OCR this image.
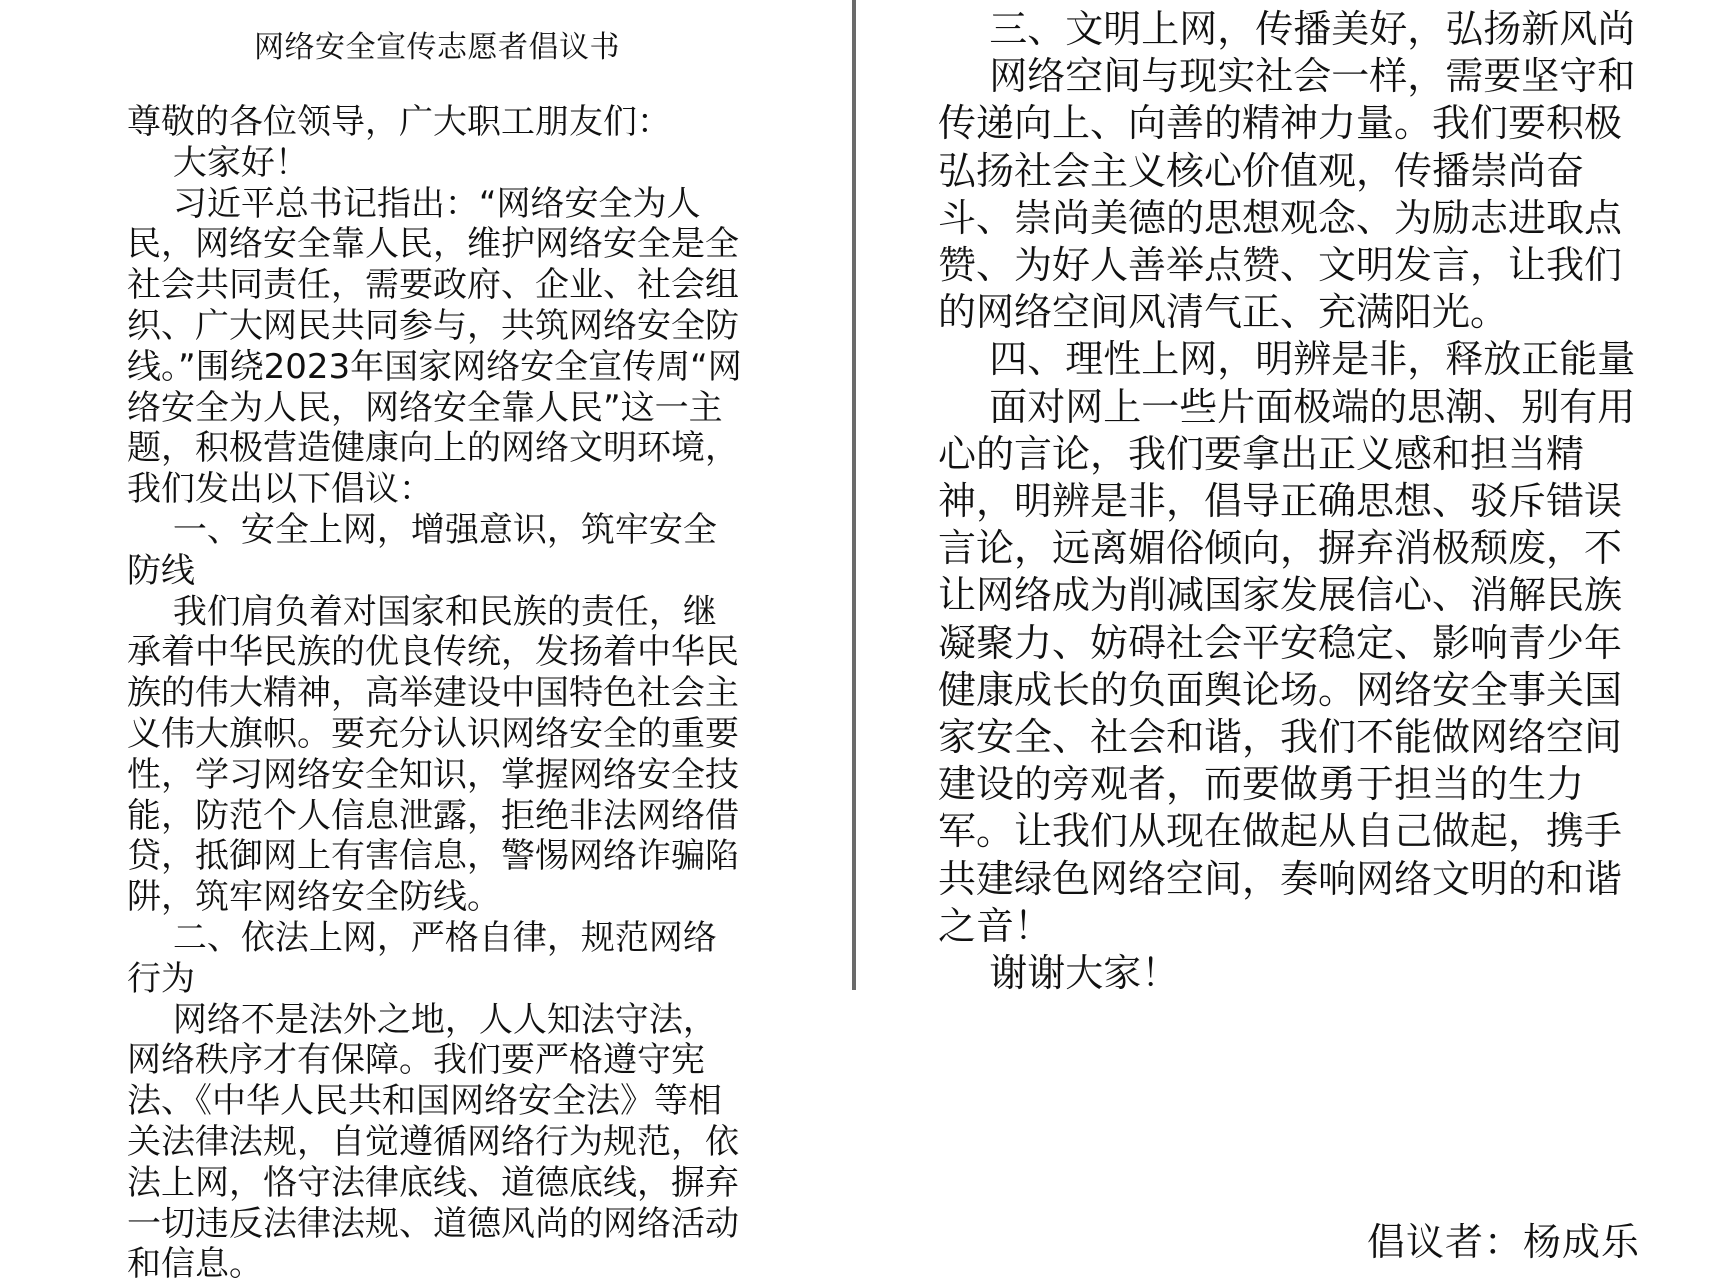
网络安全宣传志愿者倡议书

尊敬的各位领导，广大职工朋友们：

大家好！

习近平总书记指出：“网络安全为人民，网络安全靠人民，维护网络安全是全社会共同责任，需要政府、企业、社会组织、广大网民共同参与，共筑网络安全防线。”围绕2023年国家网络安全宣传周“网络安全为人民，网络安全靠人民”这一主题，积极营造健康向上的网络文明环境，我们发出以下倡议：

一、安全上网，增强意识，筑牢安全防线

我们肩负着对国家和民族的责任，继承着中华民族的优良传统，发扬着中华民族的伟大精神，高举建设中国特色社会主义伟大旗帜。要充分认识网络安全的重要性，学习网络安全知识，掌握网络安全技能，防范个人信息泄露，拒绝非法网络借贷，抵御网上有害信息，警惕网络诈骗陷阱，筑牢网络安全防线。

二、依法上网，严格自律，规范网络行为

网络不是法外之地，人人知法守法，网络秩序才有保障。我们要严格遵守宪法、《中华人民共和国网络安全法》等相关法律法规，自觉遵循网络行为规范，依法上网，恪守法律底线、道德底线，摒弃一切违反法律法规、道德风尚的网络活动和信息。

三、文明上网，传播美好，弘扬新风尚

网络空间与现实社会一样，需要坚守和传递向上、向善的精神力量。我们要积极弘扬社会主义核心价值观，传播崇尚奋斗、崇尚美德的思想观念、为励志进取点赞、为好人善举点赞、文明发言，让我们的网络空间风清气正、充满阳光。

四、理性上网，明辨是非，释放正能量

面对网上一些片面极端的思潮、别有用心的言论，我们要拿出正义感和担当精神，明辨是非，倡导正确思想、驳斥错误言论，远离媚俗倾向，摒弃消极颓废，不让网络成为削减国家发展信心、消解民族凝聚力、妨碍社会平安稳定、影响青少年健康成长的负面舆论场。网络安全事关国家安全、社会和谐，我们不能做网络空间建设的旁观者，而要做勇于担当的生力军。让我们从现在做起从自己做起，携手共建绿色网络空间，奏响网络文明的和谐之音！

谢谢大家！

倡议者：杨成乐
